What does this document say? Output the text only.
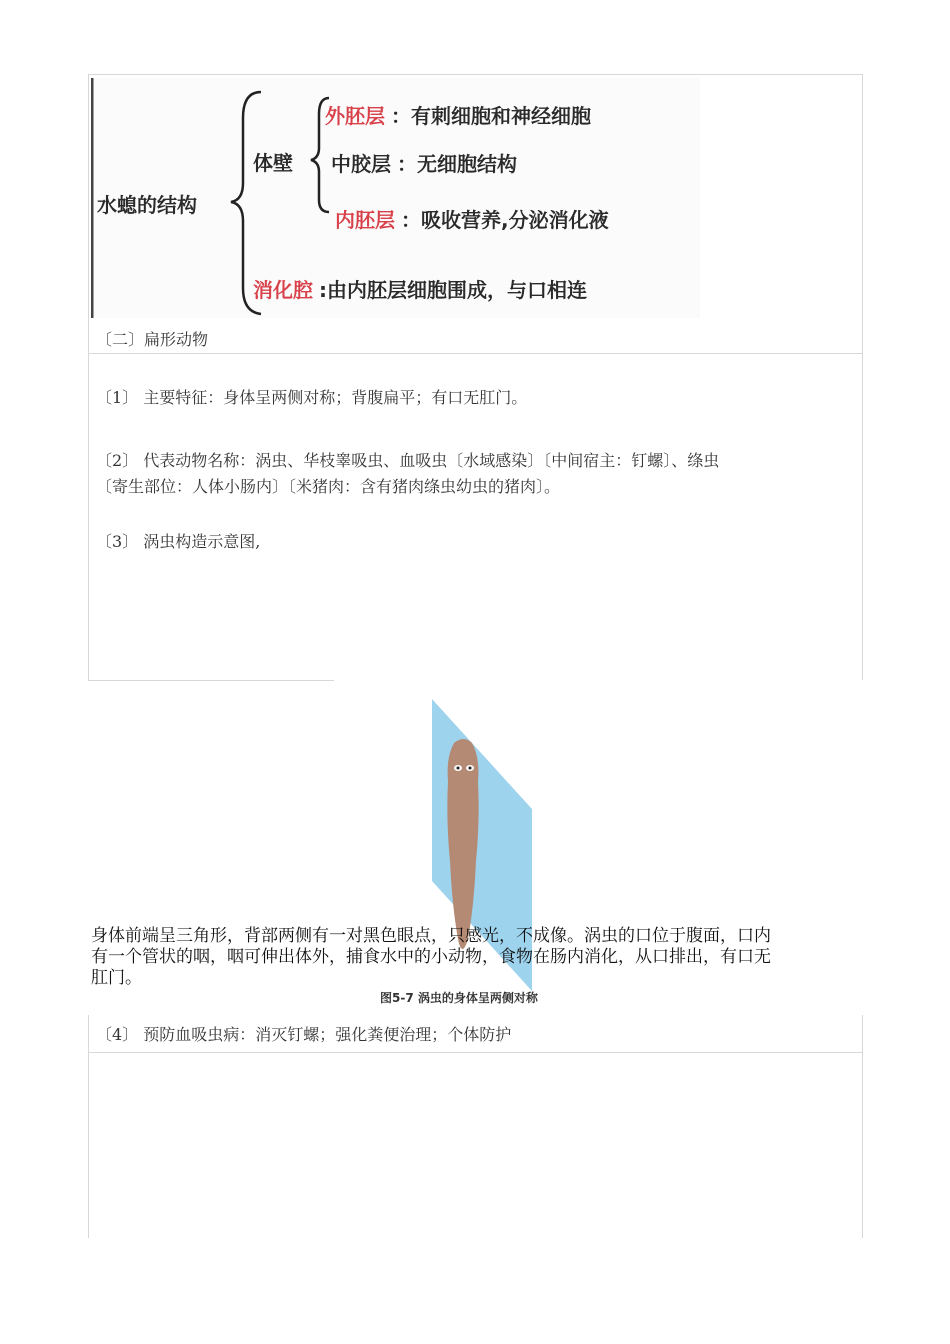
水螅的结构
体壁
外胚层 ：有刺细胞和神经细胞
中胶层 ：无细胞结构
内胚层 ：吸收营养,分泌消化液
消化腔 :由内胚层细胞围成，与口相连
〔二〕扁形动物
〔1〕 主要特征：身体呈两侧对称；背腹扁平；有口无肛门。
〔2〕 代表动物名称：涡虫、华枝睾吸虫、血吸虫〔水域感染〕〔中间宿主：钉螺〕、绦虫
〔寄生部位：人体小肠内〕〔米猪肉：含有猪肉绦虫幼虫的猪肉〕。
〔3〕 涡虫构造示意图,
图5-7 涡虫的身体呈两侧对称
身体前端呈三角形，背部两侧有一对黑色眼点，只感光，不成像。涡虫的口位于腹面，口内
有一个管状的咽，咽可伸出体外，捕食水中的小动物，食物在肠内消化，从口排出，有口无
肛门。
〔4〕 预防血吸虫病：消灭钉螺；强化粪便治理；个体防护
